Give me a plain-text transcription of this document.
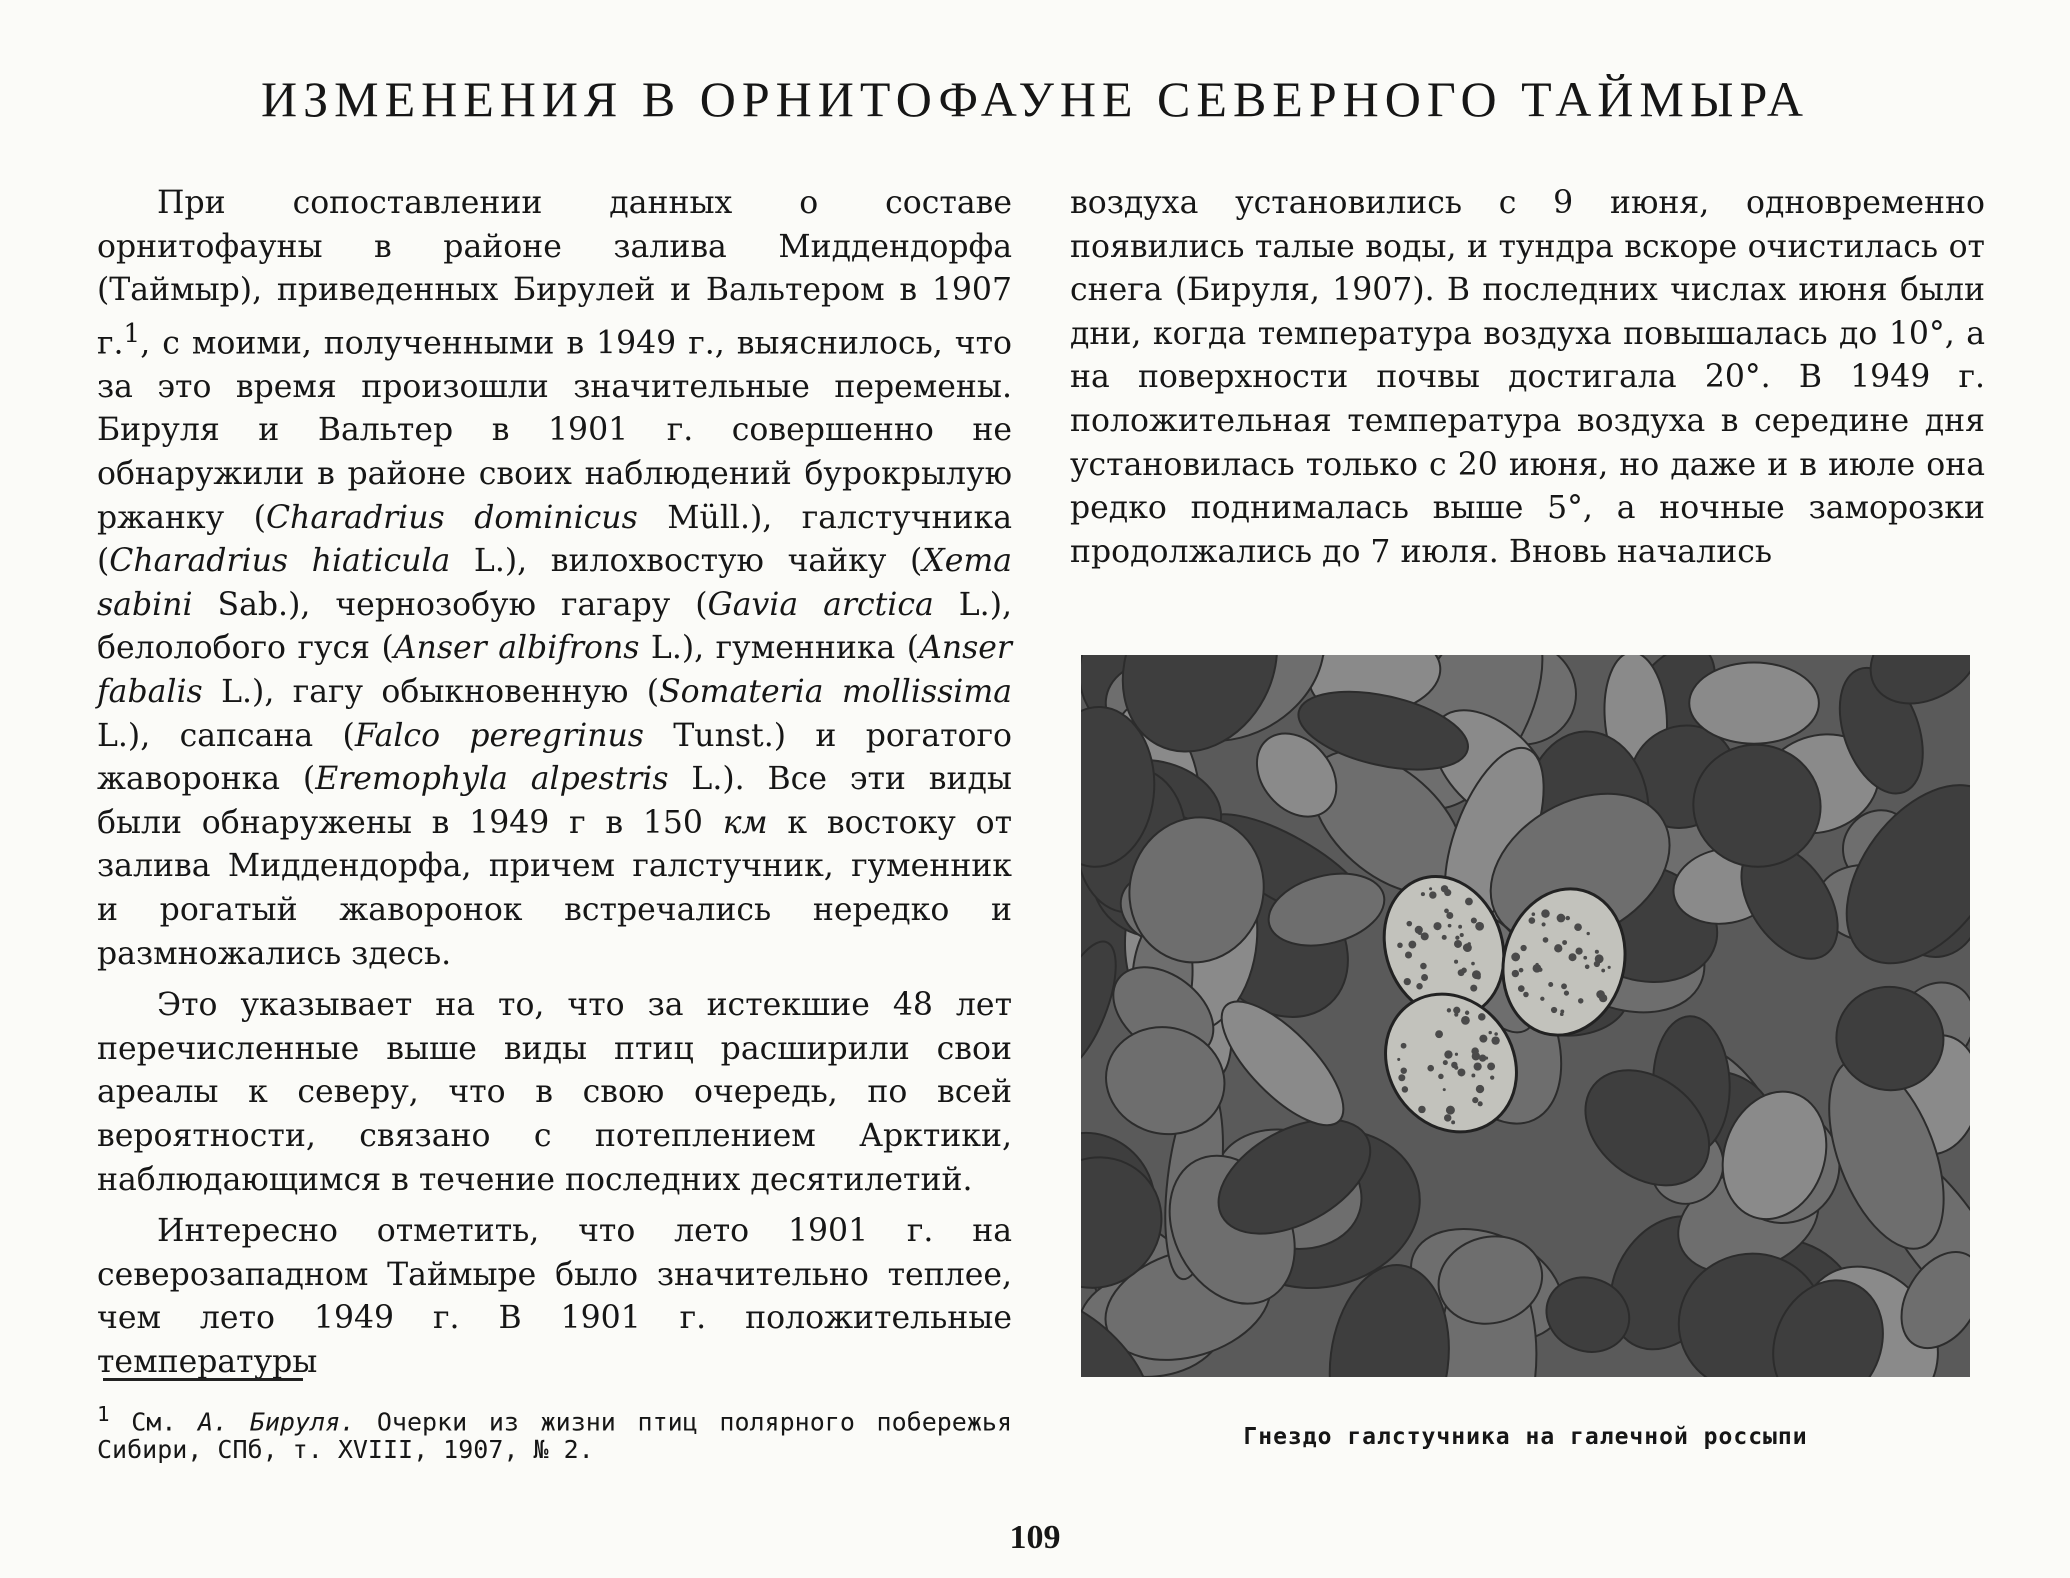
ИЗМЕНЕНИЯ В ОРНИТОФАУНЕ СЕВЕРНОГО ТАЙМЫРА

При сопоставлении данных о составе орнитофауны в районе залива Миддендорфа (Таймыр), приведенных Бирулей и Вальтером в 1907 г.$^1$, с моими, полученными в 1949 г., выяснилось, что за это время произошли значительные перемены. Бируля и Вальтер в 1901 г. совершенно не обнаружили в районе своих наблюдений бурокрылую ржанку (Charadrius dominicus Müll.), галстучника (Charadrius hiaticula L.), вилохвостую чайку (Xema sabini Sab.), чернозобую гагару (Gavia arctica L.), белолобого гуся (Anser albifrons L.), гуменника (Anser fabalis L.), гагу обыкновенную (Somateria mollissima L.), сапсана (Falco peregrinus Tunst.) и рогатого жаворонка (Eremophyla alpestris L.). Все эти виды были обнаружены в 1949 г в 150 км к востоку от залива Миддендорфа, причем галстучник, гуменник и рогатый жаворонок встречались нередко и размножались здесь.

Это указывает на то, что за истекшие 48 лет перечисленные выше виды птиц расширили свои ареалы к северу, что в свою очередь, по всей вероятности, связано с потеплением Арктики, наблюдающимся в течение последних десятилетий.

Интересно отметить, что лето 1901 г. на северозападном Таймыре было значительно теплее, чем лето 1949 г. В 1901 г. положительные температуры

воздуха установились с 9 июня, одновременно появились талые воды, и тундра вскоре очистилась от снега (Бируля, 1907). В последних числах июня были дни, когда температура воздуха повышалась до 10°, а на поверхности почвы достигала 20°. В 1949 г. положительная температура воздуха в середине дня установилась только с 20 июня, но даже и в июле она редко поднималась выше 5°, а ночные заморозки продолжались до 7 июля. Вновь начались

$^1$ См. А. Бируля. Очерки из жизни птиц полярного побережья Сибири, СПб, т. XVIII, 1907, № 2.	Гнездо галстучника на галечной россыпи
109
